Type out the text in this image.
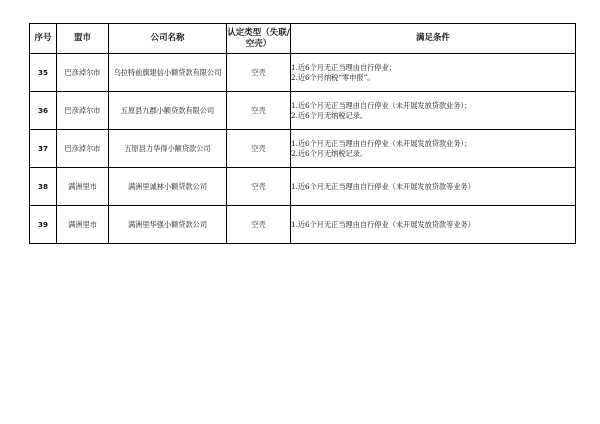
序号	盟市	公司名称	认定类型（失联/空壳）	满足条件
35	巴彦淖尔市	乌拉特前旗建信小额贷款有限公司	空壳	1.近6个月无正当理由自行停业；
2.近6个月纳税“零申报”。

36	巴彦淖尔市	五原县九郡小额贷款有限公司	空壳	1.近6个月无正当理由自行停业（未开展发放贷款业务）；
2.近6个月无纳税记录。

37	巴彦淖尔市	五原县力华得小额贷款公司	空壳	1.近6个月无正当理由自行停业（未开展发放贷款业务）；
2.近6个月无纳税记录。

38	满洲里市	满洲里诚林小额贷款公司	空壳	1.近6个月无正当理由自行停业（未开展发放贷款等业务）

39	满洲里市	满洲里华强小额贷款公司	空壳	1.近6个月无正当理由自行停业（未开展发放贷款等业务）
